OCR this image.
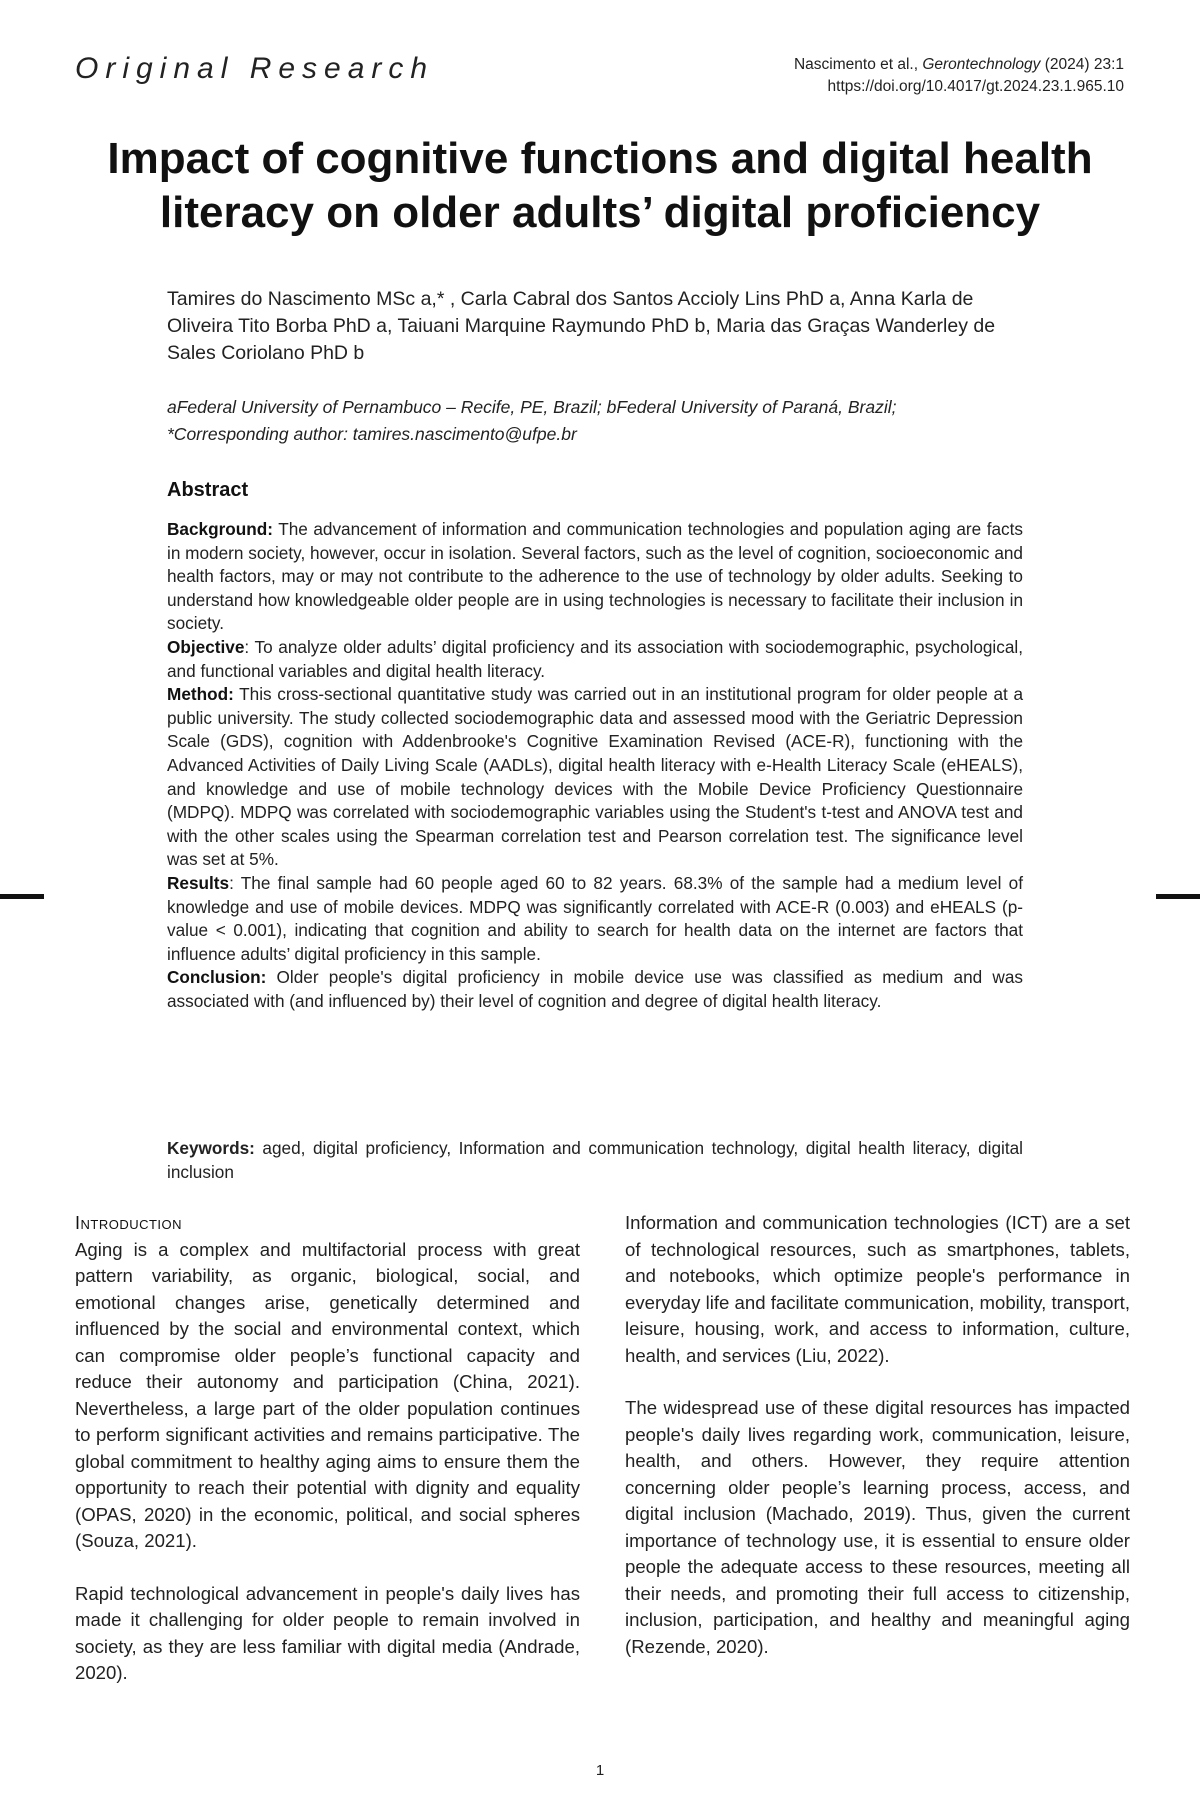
Original Research	Nascimento et al., Gerontechnology (2024) 23:1
https://doi.org/10.4017/gt.2024.23.1.965.10
Impact of cognitive functions and digital health literacy on older adults’ digital proficiency
Tamires do Nascimento MSc a,* , Carla Cabral dos Santos Accioly Lins PhD a, Anna Karla de Oliveira Tito Borba PhD a, Taiuani Marquine Raymundo PhD b, Maria das Graças Wanderley de Sales Coriolano PhD b
aFederal University of Pernambuco – Recife, PE, Brazil; bFederal University of Paraná, Brazil;
*Corresponding author: tamires.nascimento@ufpe.br
Abstract

Background: The advancement of information and communication technologies and population aging are facts in modern society, however, occur in isolation. Several factors, such as the level of cognition, socioeconomic and health factors, may or may not contribute to the adherence to the use of technology by older adults. Seeking to understand how knowledgeable older people are in using technologies is necessary to facilitate their inclusion in society.

Objective: To analyze older adults’ digital proficiency and its association with sociodemographic, psychological, and functional variables and digital health literacy.

Method: This cross-sectional quantitative study was carried out in an institutional program for older people at a public university. The study collected sociodemographic data and assessed mood with the Geriatric Depression Scale (GDS), cognition with Addenbrooke's Cognitive Examination Revised (ACE-R), functioning with the Advanced Activities of Daily Living Scale (AADLs), digital health literacy with e-Health Literacy Scale (eHEALS), and knowledge and use of mobile technology devices with the Mobile Device Proficiency Questionnaire (MDPQ). MDPQ was correlated with sociodemographic variables using the Student's t-test and ANOVA test and with the other scales using the Spearman correlation test and Pearson correlation test. The significance level was set at 5%.

Results: The final sample had 60 people aged 60 to 82 years. 68.3% of the sample had a medium level of knowledge and use of mobile devices. MDPQ was significantly correlated with ACE-R (0.003) and eHEALS (p-value < 0.001), indicating that cognition and ability to search for health data on the internet are factors that influence adults’ digital proficiency in this sample.

Conclusion: Older people's digital proficiency in mobile device use was classified as medium and was associated with (and influenced by) their level of cognition and degree of digital health literacy.

Keywords: aged, digital proficiency, Information and communication technology, digital health literacy, digital inclusion
Introduction

Aging is a complex and multifactorial process with great pattern variability, as organic, biological, social, and emotional changes arise, genetically determined and influenced by the social and environmental context, which can compromise older people’s functional capacity and reduce their autonomy and participation (China, 2021). Nevertheless, a large part of the older population continues to perform significant activities and remains participative. The global commitment to healthy aging aims to ensure them the opportunity to reach their potential with dignity and equality (OPAS, 2020) in the economic, political, and social spheres (Souza, 2021).

Rapid technological advancement in people's daily lives has made it challenging for older people to remain involved in society, as they are less familiar with digital media (Andrade, 2020).

Information and communication technologies (ICT) are a set of technological resources, such as smartphones, tablets, and notebooks, which optimize people's performance in everyday life and facilitate communication, mobility, transport, leisure, housing, work, and access to information, culture, health, and services (Liu, 2022).

The widespread use of these digital resources has impacted people's daily lives regarding work, communication, leisure, health, and others. However, they require attention concerning older people’s learning process, access, and digital inclusion (Machado, 2019). Thus, given the current importance of technology use, it is essential to ensure older people the adequate access to these resources, meeting all their needs, and promoting their full access to citizenship, inclusion, participation, and healthy and meaningful aging (Rezende, 2020).

1
